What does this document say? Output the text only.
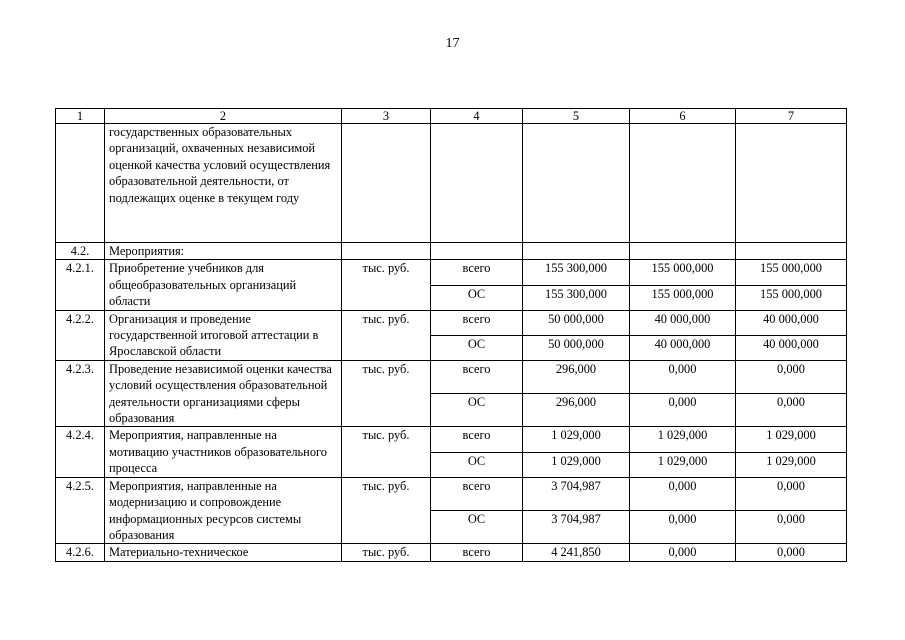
17
1	2	3	4	5	6	7
	государственных образовательных организаций, охваченных независимой оценкой качества условий осуществления образовательной деятельности, от подлежащих оценке в текущем году					
4.2.	Мероприятия:					
4.2.1.	Приобретение учебников для общеобразовательных организаций области	тыс. руб.	всего	155 300,000	155 000,000	155 000,000
			ОС	155 300,000	155 000,000	155 000,000
4.2.2.	Организация и проведение государственной итоговой аттестации в Ярославской области	тыс. руб.	всего	50 000,000	40 000,000	40 000,000
			ОС	50 000,000	40 000,000	40 000,000
4.2.3.	Проведение независимой оценки качества условий осуществления образовательной деятельности организациями сферы образования	тыс. руб.	всего	296,000	0,000	0,000
			ОС	296,000	0,000	0,000
4.2.4.	Мероприятия, направленные на мотивацию участников образовательного процесса	тыс. руб.	всего	1 029,000	1 029,000	1 029,000
			ОС	1 029,000	1 029,000	1 029,000
4.2.5.	Мероприятия, направленные на модернизацию и сопровождение информационных ресурсов системы образования	тыс. руб.	всего	3 704,987	0,000	0,000
			ОС	3 704,987	0,000	0,000
4.2.6.	Материально-техническое	тыс. руб.	всего	4 241,850	0,000	0,000
